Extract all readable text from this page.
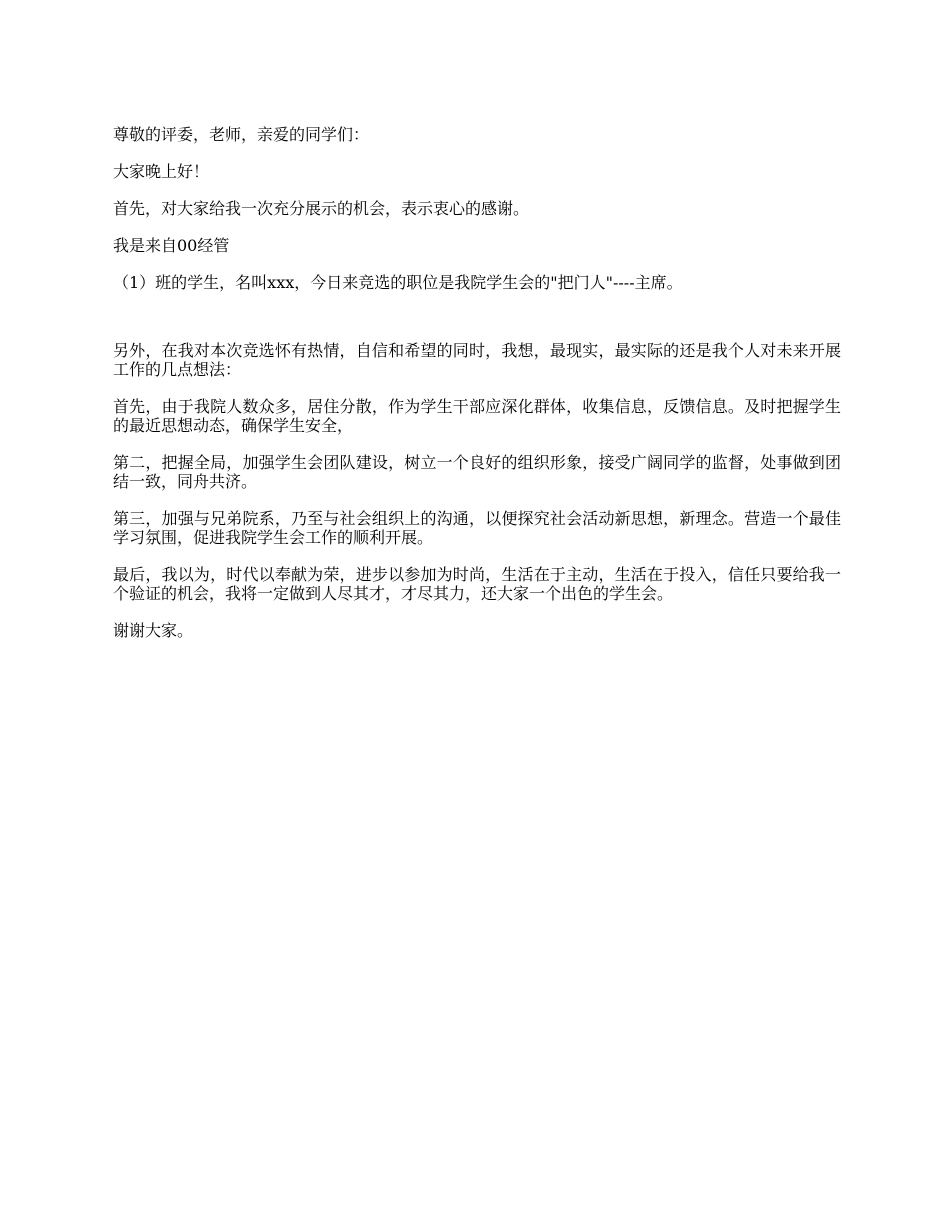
尊敬的评委，老师，亲爱的同学们：

大家晚上好！

首先，对大家给我一次充分展示的机会，表示衷心的感谢。

我是来自00经管

（1）班的学生，名叫xxx，今日来竞选的职位是我院学生会的"把门人"----主席。

另外，在我对本次竞选怀有热情，自信和希望的同时，我想，最现实，最实际的还是我个人对未来开展工作的几点想法：

首先，由于我院人数众多，居住分散，作为学生干部应深化群体，收集信息，反馈信息。及时把握学生的最近思想动态，确保学生安全，

第二，把握全局，加强学生会团队建设，树立一个良好的组织形象，接受广阔同学的监督，处事做到团结一致，同舟共济。

第三，加强与兄弟院系，乃至与社会组织上的沟通，以便探究社会活动新思想，新理念。营造一个最佳学习氛围，促进我院学生会工作的顺利开展。

最后，我以为，时代以奉献为荣，进步以参加为时尚，生活在于主动，生活在于投入，信任只要给我一个验证的机会，我将一定做到人尽其才，才尽其力，还大家一个出色的学生会。

谢谢大家。
